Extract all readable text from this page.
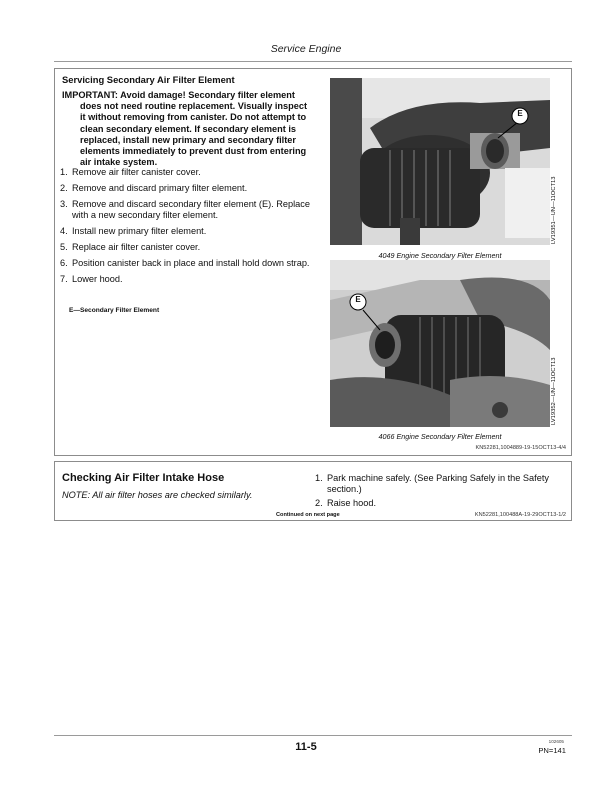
Service Engine
Servicing Secondary Air Filter Element
IMPORTANT: Avoid damage! Secondary filter element
does not need routine replacement. Visually inspect it without removing from canister. Do not attempt to clean secondary element. If secondary element is replaced, install new primary and secondary filter elements immediately to prevent dust from entering air intake system.
1. Remove air filter canister cover.
2. Remove and discard primary filter element.
3. Remove and discard secondary filter element (E). Replace with a new secondary filter element.
4. Install new primary filter element.
5. Replace air filter canister cover.
6. Position canister back in place and install hold down strap.
7. Lower hood.
E—Secondary Filter Element
E
LV19351—UN—11OCT13
4049 Engine Secondary Filter Element
E
LV19352—UN—11OCT13
4066 Engine Secondary Filter Element
KN52281,1004889-19-15OCT13-4/4
Checking Air Filter Intake Hose
NOTE: All air filter hoses are checked similarly.
1. Park machine safely. (See Parking Safely in the Safety section.)
2. Raise hood.
Continued on next page	KN52281,100488A-19-29OCT13-1/2
11-5	102605
PN=141
